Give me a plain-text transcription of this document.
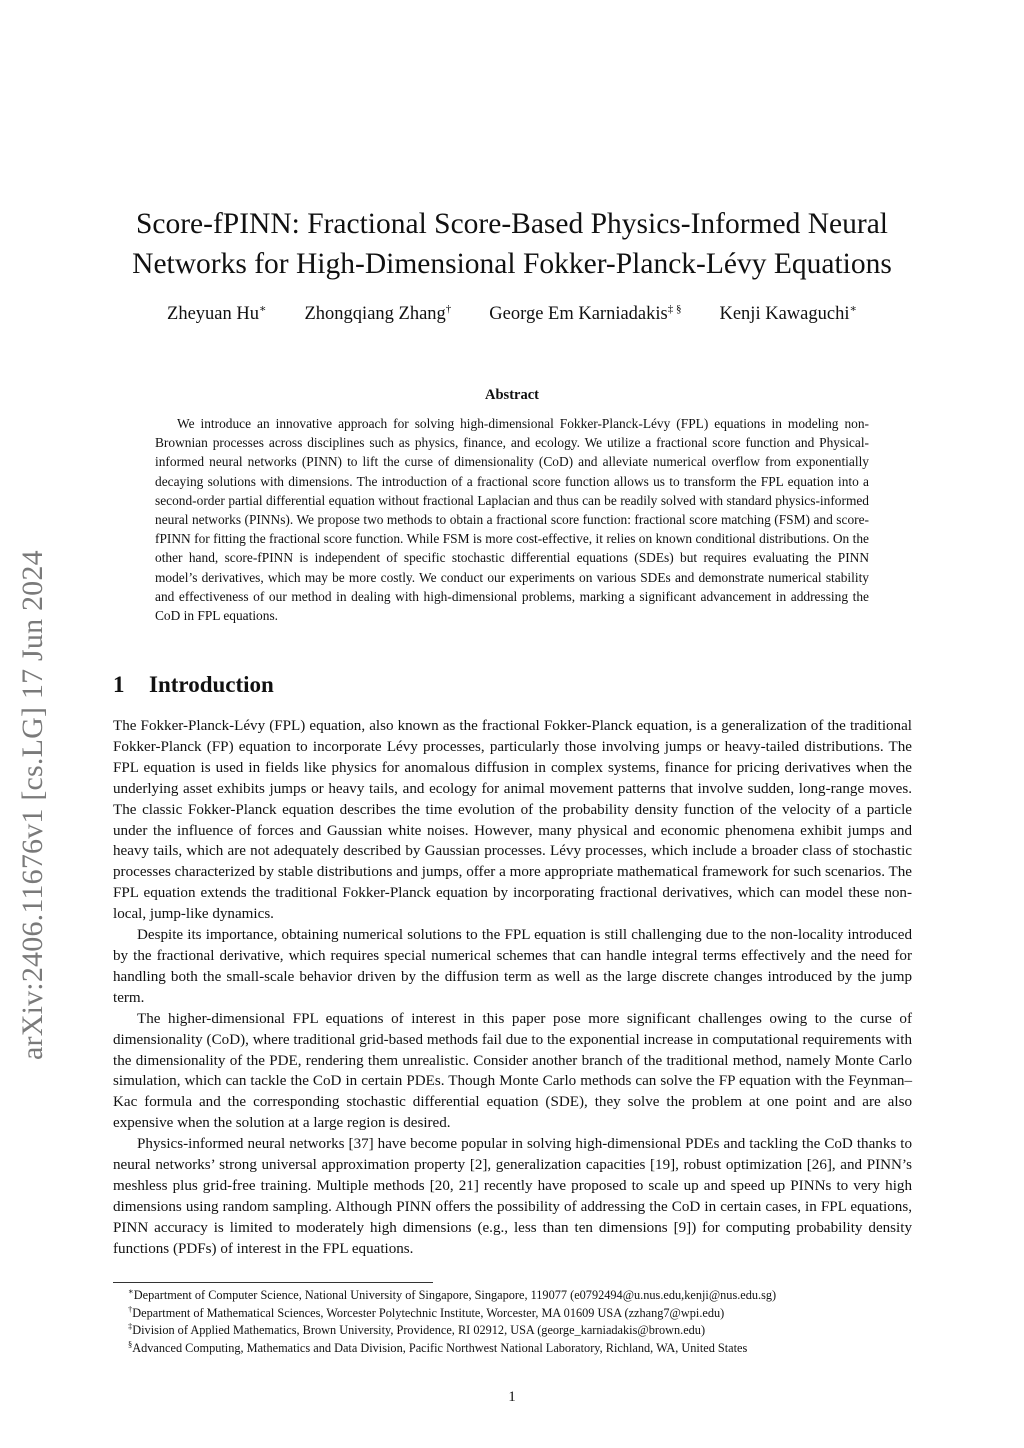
arXiv:2406.11676v1 [cs.LG] 17 Jun 2024
Score-fPINN: Fractional Score-Based Physics-Informed Neural Networks for High-Dimensional Fokker-Planck-Lévy Equations
Zheyuan Hu∗ Zhongqiang Zhang† George Em Karniadakis‡ § Kenji Kawaguchi∗
Abstract
We introduce an innovative approach for solving high-dimensional Fokker-Planck-Lévy (FPL) equations in modeling non-Brownian processes across disciplines such as physics, finance, and ecology. We utilize a fractional score function and Physical-informed neural networks (PINN) to lift the curse of dimensionality (CoD) and alleviate numerical overflow from exponentially decaying solutions with dimensions. The introduction of a fractional score function allows us to transform the FPL equation into a second-order partial differential equation without fractional Laplacian and thus can be readily solved with standard physics-informed neural networks (PINNs). We propose two methods to obtain a fractional score function: fractional score matching (FSM) and score-fPINN for fitting the fractional score function. While FSM is more cost-effective, it relies on known conditional distributions. On the other hand, score-fPINN is independent of specific stochastic differential equations (SDEs) but requires evaluating the PINN model’s derivatives, which may be more costly. We conduct our experiments on various SDEs and demonstrate numerical stability and effectiveness of our method in dealing with high-dimensional problems, marking a significant advancement in addressing the CoD in FPL equations.
1 Introduction

The Fokker-Planck-Lévy (FPL) equation, also known as the fractional Fokker-Planck equation, is a generalization of the traditional Fokker-Planck (FP) equation to incorporate Lévy processes, particularly those involving jumps or heavy-tailed distributions. The FPL equation is used in fields like physics for anomalous diffusion in complex systems, finance for pricing derivatives when the underlying asset exhibits jumps or heavy tails, and ecology for animal movement patterns that involve sudden, long-range moves. The classic Fokker-Planck equation describes the time evolution of the probability density function of the velocity of a particle under the influence of forces and Gaussian white noises. However, many physical and economic phenomena exhibit jumps and heavy tails, which are not adequately described by Gaussian processes. Lévy processes, which include a broader class of stochastic processes characterized by stable distributions and jumps, offer a more appropriate mathematical framework for such scenarios. The FPL equation extends the traditional Fokker-Planck equation by incorporating fractional derivatives, which can model these non-local, jump-like dynamics.

Despite its importance, obtaining numerical solutions to the FPL equation is still challenging due to the non-locality introduced by the fractional derivative, which requires special numerical schemes that can handle integral terms effectively and the need for handling both the small-scale behavior driven by the diffusion term as well as the large discrete changes introduced by the jump term.

The higher-dimensional FPL equations of interest in this paper pose more significant challenges owing to the curse of dimensionality (CoD), where traditional grid-based methods fail due to the exponential increase in computational requirements with the dimensionality of the PDE, rendering them unrealistic. Consider another branch of the traditional method, namely Monte Carlo simulation, which can tackle the CoD in certain PDEs. Though Monte Carlo methods can solve the FP equation with the Feynman–Kac formula and the corresponding stochastic differential equation (SDE), they solve the problem at one point and are also expensive when the solution at a large region is desired.

Physics-informed neural networks [37] have become popular in solving high-dimensional PDEs and tackling the CoD thanks to neural networks’ strong universal approximation property [2], generalization capacities [19], robust optimization [26], and PINN’s meshless plus grid-free training. Multiple methods [20, 21] recently have proposed to scale up and speed up PINNs to very high dimensions using random sampling. Although PINN offers the possibility of addressing the CoD in certain cases, in FPL equations, PINN accuracy is limited to moderately high dimensions (e.g., less than ten dimensions [9]) for computing probability density functions (PDFs) of interest in the FPL equations.

∗Department of Computer Science, National University of Singapore, Singapore, 119077 (e0792494@u.nus.edu,kenji@nus.edu.sg)
†Department of Mathematical Sciences, Worcester Polytechnic Institute, Worcester, MA 01609 USA (zzhang7@wpi.edu)
‡Division of Applied Mathematics, Brown University, Providence, RI 02912, USA (george_karniadakis@brown.edu)
§Advanced Computing, Mathematics and Data Division, Pacific Northwest National Laboratory, Richland, WA, United States
1
